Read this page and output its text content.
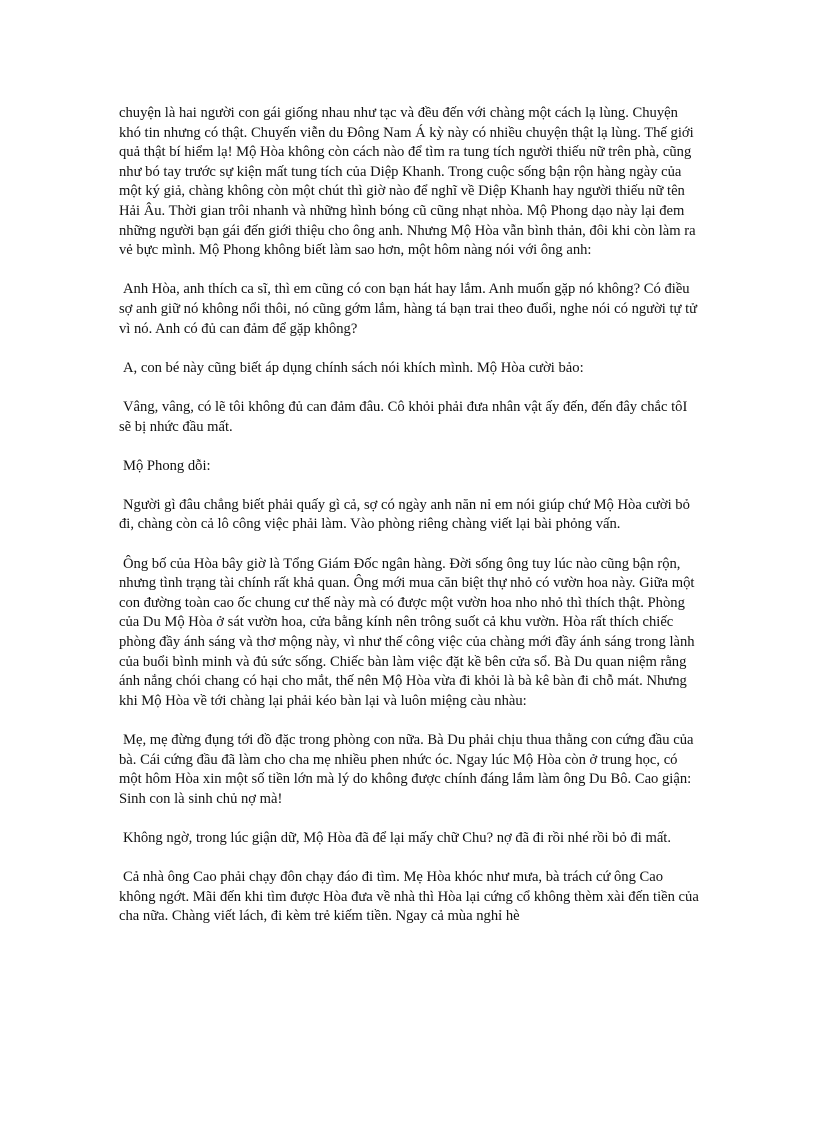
chuyện là hai người con gái giống nhau như tạc và đều đến với chàng một cách lạ lùng. Chuyện khó tin nhưng có thật. Chuyến viễn du Đông Nam Á kỳ này có nhiều chuyện thật lạ lùng. Thế giới quả thật bí hiểm lạ! Mộ Hòa không còn cách nào để tìm ra tung tích người thiếu nữ trên phà, cũng như bó tay trước sự kiện mất tung tích của Diệp Khanh. Trong cuộc sống bận rộn hàng ngày của một ký giả, chàng không còn một chút thì giờ nào để nghĩ về Diệp Khanh hay người thiếu nữ tên Hải Âu. Thời gian trôi nhanh và những hình bóng cũ cũng nhạt nhòa. Mộ Phong dạo này lại đem những người bạn gái đến giới thiệu cho ông anh. Nhưng Mộ Hòa vẫn bình thản, đôi khi còn làm ra vẻ bực mình. Mộ Phong không biết làm sao hơn, một hôm nàng nói với ông anh:

Anh Hòa, anh thích ca sĩ, thì em cũng có con bạn hát hay lắm. Anh muốn gặp nó không? Có điều sợ anh giữ nó không nổi thôi, nó cũng gớm lắm, hàng tá bạn trai theo đuổi, nghe nói có người tự tử vì nó. Anh có đủ can đảm để gặp không?

A, con bé này cũng biết áp dụng chính sách nói khích mình. Mộ Hòa cười bảo:

Vâng, vâng, có lẽ tôi không đủ can đảm đâu. Cô khỏi phải đưa nhân vật ấy đến, đến đây chắc tôI sẽ bị nhức đầu mất.

Mộ Phong dỗi:

Người gì đâu chẳng biết phải quấy gì cả, sợ có ngày anh năn nỉ em nói giúp chứ Mộ Hòa cười bỏ đi, chàng còn cả lô công việc phải làm. Vào phòng riêng chàng viết lại bài phỏng vấn.

Ông bố của Hòa bây giờ là Tổng Giám Đốc ngân hàng. Đời sống ông tuy lúc nào cũng bận rộn, nhưng tình trạng tài chính rất khả quan. Ông mới mua căn biệt thự nhỏ có vườn hoa này. Giữa một con đường toàn cao ốc chung cư thế này mà có được một vườn hoa nho nhỏ thì thích thật. Phòng của Du Mộ Hòa ở sát vườn hoa, cửa bằng kính nên trông suốt cả khu vườn. Hòa rất thích chiếc phòng đầy ánh sáng và thơ mộng này, vì như thế công việc của chàng mới đầy ánh sáng trong lành của buổi bình minh và đủ sức sống. Chiếc bàn làm việc đặt kề bên cửa sổ. Bà Du quan niệm rằng ánh nắng chói chang có hại cho mắt, thế nên Mộ Hòa vừa đi khỏi là bà kê bàn đi chỗ mát. Nhưng khi Mộ Hòa về tới chàng lại phải kéo bàn lại và luôn miệng càu nhàu:

Mẹ, mẹ đừng đụng tới đồ đặc trong phòng con nữa. Bà Du phải chịu thua thằng con cứng đầu của bà. Cái cứng đầu đã làm cho cha mẹ nhiều phen nhức óc. Ngay lúc Mộ Hòa còn ở trung học, có một hôm Hòa xin một số tiền lớn mà lý do không được chính đáng lắm làm ông Du Bô. Cao giận: Sinh con là sinh chủ nợ mà!

Không ngờ, trong lúc giận dữ, Mộ Hòa đã để lại mấy chữ Chu? nợ đã đi rồi nhé rồi bỏ đi mất.

Cả nhà ông Cao phải chạy đôn chạy đáo đi tìm. Mẹ Hòa khóc như mưa, bà trách cứ ông Cao không ngớt. Mãi đến khi tìm được Hòa đưa về nhà thì Hòa lại cứng cổ không thèm xài đến tiền của cha nữa. Chàng viết lách, đi kèm trẻ kiếm tiền. Ngay cả mùa nghỉ hè
